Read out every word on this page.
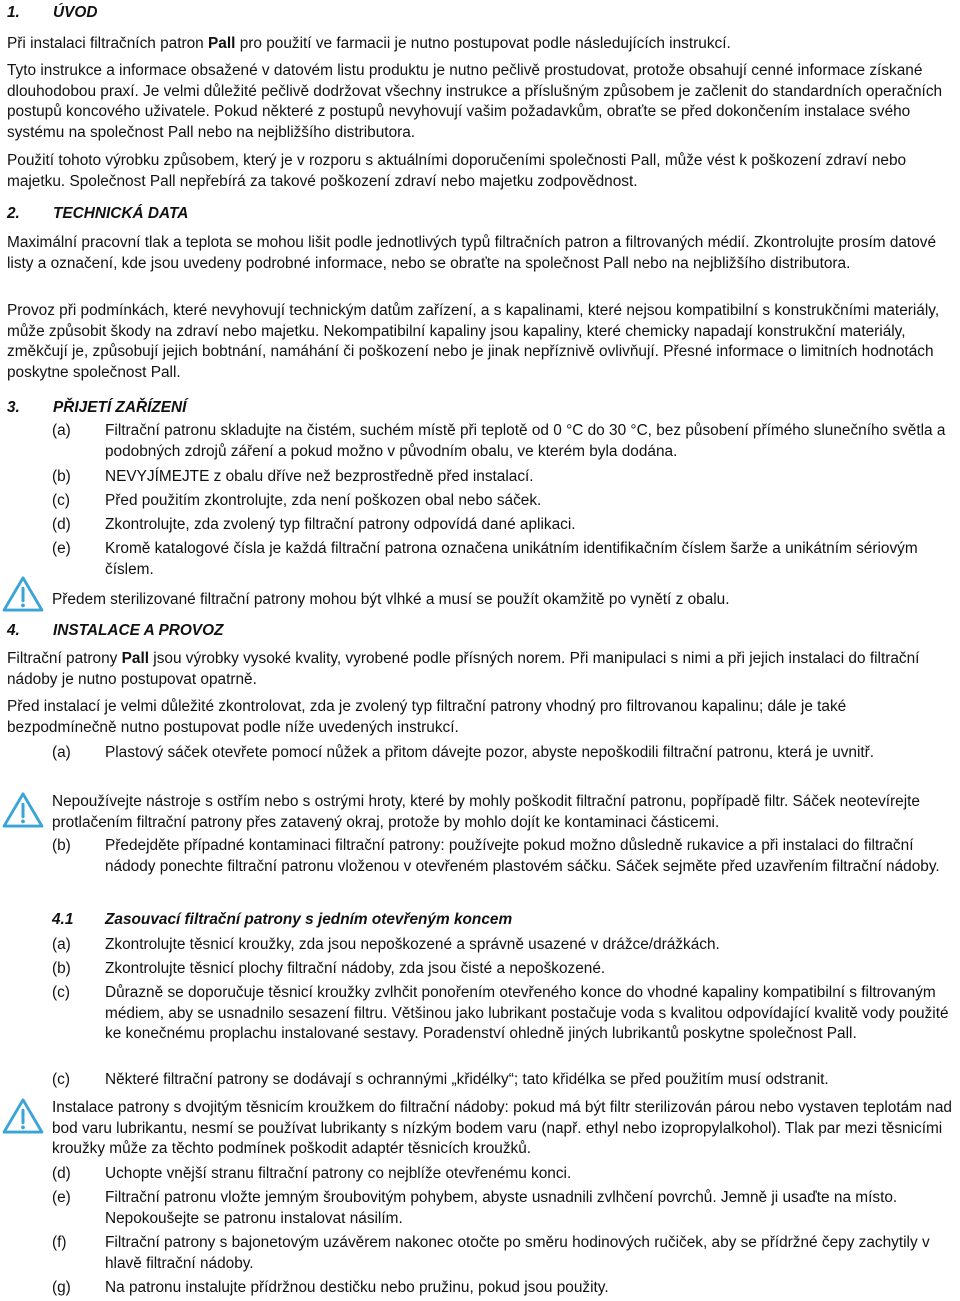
1. ÚVOD

Při instalaci filtračních patron Pall pro použití ve farmacii je nutno postupovat podle následujících instrukcí.

Tyto instrukce a informace obsažené v datovém listu produktu je nutno pečlivě prostudovat, protože obsahují cenné informace získané dlouhodobou praxí. Je velmi důležité pečlivě dodržovat všechny instrukce a příslušným způsobem je začlenit do standardních operačních postupů koncového uživatele. Pokud některé z postupů nevyhovují vašim požadavkům, obraťte se před dokončením instalace svého systému na společnost Pall nebo na nejbližšího distributora.

Použití tohoto výrobku způsobem, který je v rozporu s aktuálními doporučeními společnosti Pall, může vést k poškození zdraví nebo majetku. Společnost Pall nepřebírá za takové poškození zdraví nebo majetku zodpovědnost.

2. TECHNICKÁ DATA

Maximální pracovní tlak a teplota se mohou lišit podle jednotlivých typů filtračních patron a filtrovaných médií. Zkontrolujte prosím datové listy a označení, kde jsou uvedeny podrobné informace, nebo se obraťte na společnost Pall nebo na nejbližšího distributora.

Provoz při podmínkách, které nevyhovují technickým datům zařízení, a s kapalinami, které nejsou kompatibilní s konstrukčními materiály, může způsobit škody na zdraví nebo majetku. Nekompatibilní kapaliny jsou kapaliny, které chemicky napadají konstrukční materiály, změkčují je, způsobují jejich bobtnání, namáhání či poškození nebo je jinak nepříznivě ovlivňují. Přesné informace o limitních hodnotách poskytne společnost Pall.

3. PŘIJETÍ ZAŘÍZENÍ
(a) Filtrační patronu skladujte na čistém, suchém místě při teplotě od 0 °C do 30 °C, bez působení přímého slunečního světla a podobných zdrojů záření a pokud možno v původním obalu, ve kterém byla dodána.
(b) NEVYJÍMEJTE z obalu dříve než bezprostředně před instalací.
(c) Před použitím zkontrolujte, zda není poškozen obal nebo sáček.
(d) Zkontrolujte, zda zvolený typ filtrační patrony odpovídá dané aplikaci.
(e) Kromě katalogové čísla je každá filtrační patrona označena unikátním identifikačním číslem šarže a unikátním sériovým číslem.
Předem sterilizované filtrační patrony mohou být vlhké a musí se použít okamžitě po vynětí z obalu.
4. INSTALACE A PROVOZ

Filtrační patrony Pall jsou výrobky vysoké kvality, vyrobené podle přísných norem. Při manipulaci s nimi a při jejich instalaci do filtrační nádoby je nutno postupovat opatrně.

Před instalací je velmi důležité zkontrolovat, zda je zvolený typ filtrační patrony vhodný pro filtrovanou kapalinu; dále je také bezpodmínečně nutno postupovat podle níže uvedených instrukcí.

(a) Plastový sáček otevřete pomocí nůžek a přitom dávejte pozor, abyste nepoškodili filtrační patronu, která je uvnitř.
Nepoužívejte nástroje s ostřím nebo s ostrými hroty, které by mohly poškodit filtrační patronu, popřípadě filtr. Sáček neotevírejte protlačením filtrační patrony přes zatavený okraj, protože by mohlo dojít ke kontaminaci částicemi.
(b) Předejděte případné kontaminaci filtrační patrony: používejte pokud možno důsledně rukavice a při instalaci do filtrační nádody ponechte filtrační patronu vloženou v otevřeném plastovém sáčku. Sáček sejměte před uzavřením filtrační nádoby.
4.1 Zasouvací filtrační patrony s jedním otevřeným koncem
(a) Zkontrolujte těsnicí kroužky, zda jsou nepoškozené a správně usazené v drážce/drážkách.
(b) Zkontrolujte těsnicí plochy filtrační nádoby, zda jsou čisté a nepoškozené.
(c) Důrazně se doporučuje těsnicí kroužky zvlhčit ponořením otevřeného konce do vhodné kapaliny kompatibilní s filtrovaným médiem, aby se usnadnilo sesazení filtru. Většinou jako lubrikant postačuje voda s kvalitou odpovídající kvalitě vody použité ke konečnému proplachu instalované sestavy. Poradenství ohledně jiných lubrikantů poskytne společnost Pall.
(c) Některé filtrační patrony se dodávají s ochrannými „křidélky“; tato křidélka se před použitím musí odstranit.
Instalace patrony s dvojitým těsnicím kroužkem do filtrační nádoby: pokud má být filtr sterilizován párou nebo vystaven teplotám nad bod varu lubrikantu, nesmí se používat lubrikanty s nízkým bodem varu (např. ethyl nebo izopropylalkohol). Tlak par mezi těsnicími kroužky může za těchto podmínek poškodit adaptér těsnicích kroužků.
(d) Uchopte vnější stranu filtrační patrony co nejblíže otevřenému konci.
(e) Filtrační patronu vložte jemným šroubovitým pohybem, abyste usnadnili zvlhčení povrchů. Jemně ji usaďte na místo. Nepokoušejte se patronu instalovat násilím.
(f) Filtrační patrony s bajonetovým uzávěrem nakonec otočte po směru hodinových ručiček, aby se přídržné čepy zachytily v hlavě filtrační nádoby.
(g) Na patronu instalujte přídržnou destičku nebo pružinu, pokud jsou použity.
